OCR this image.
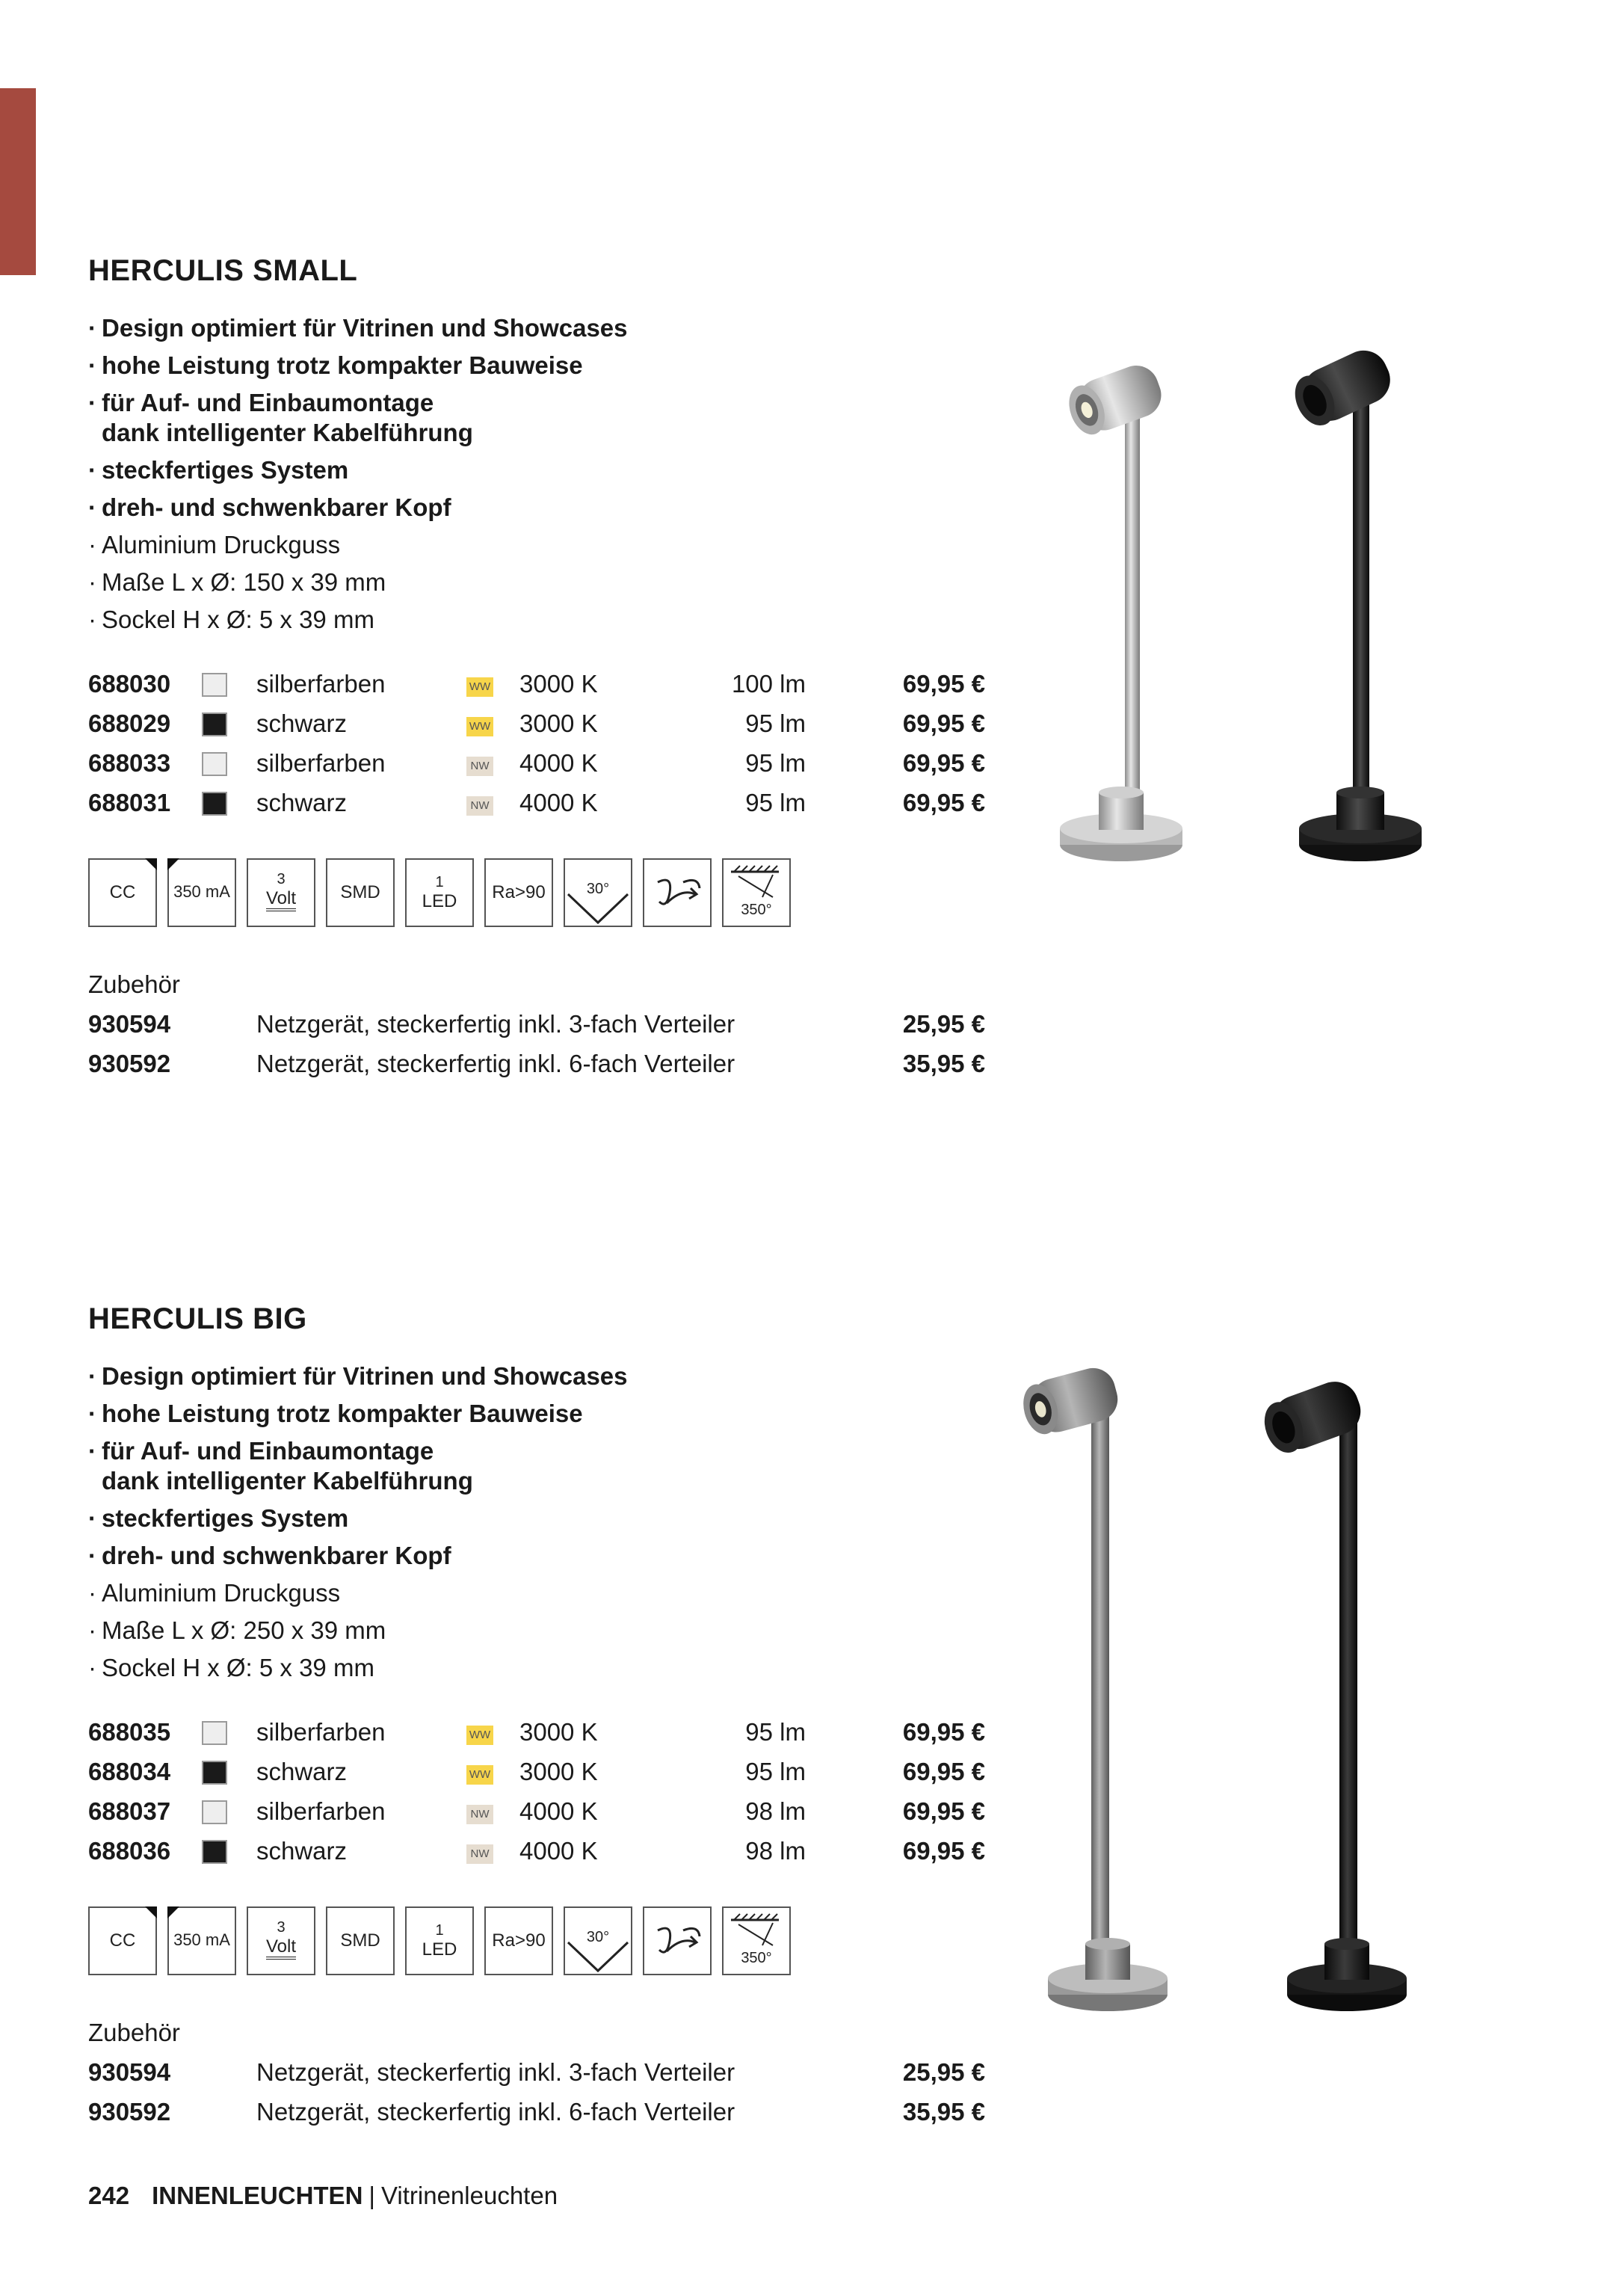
HERCULIS SMALL
· Design optimiert für Vitrinen und Showcases
· hohe Leistung trotz kompakter Bauweise
· für Auf- und Einbaumontage
dank intelligenter Kabelführung
· steckfertiges System
· dreh- und schwenkbarer Kopf
· Aluminium Druckguss
· Maße L x Ø: 150 x 39 mm
· Sockel H x Ø: 5 x 39 mm
688030	silberfarben	WW 3000 K	100 lm	69,95 €
688029	schwarz	WW 3000 K	95 lm	69,95 €
688033	silberfarben	NW 4000 K	95 lm	69,95 €
688031	schwarz	NW 4000 K	95 lm	69,95 €
CC	350 mA
3
Volt	SMD	1
LED	Ra>90	30°
350°
Zubehör
930594	Netzgerät, steckerfertig inkl. 3-fach Verteiler	25,95 €
930592	Netzgerät, steckerfertig inkl. 6-fach Verteiler	35,95 €
HERCULIS BIG
· Design optimiert für Vitrinen und Showcases
· hohe Leistung trotz kompakter Bauweise
· für Auf- und Einbaumontage
dank intelligenter Kabelführung
· steckfertiges System
· dreh- und schwenkbarer Kopf
· Aluminium Druckguss
· Maße L x Ø: 250 x 39 mm
· Sockel H x Ø: 5 x 39 mm
688035	silberfarben	WW 3000 K	95 lm	69,95 €
688034	schwarz	WW 3000 K	95 lm	69,95 €
688037	silberfarben	NW 4000 K	98 lm	69,95 €
688036	schwarz	NW 4000 K	98 lm	69,95 €
CC	350 mA
3
Volt	SMD	1
LED	Ra>90	30°
350°
Zubehör
930594	Netzgerät, steckerfertig inkl. 3-fach Verteiler	25,95 €
930592	Netzgerät, steckerfertig inkl. 6-fach Verteiler	35,95 €
242 INNENLEUCHTEN | Vitrinenleuchten
